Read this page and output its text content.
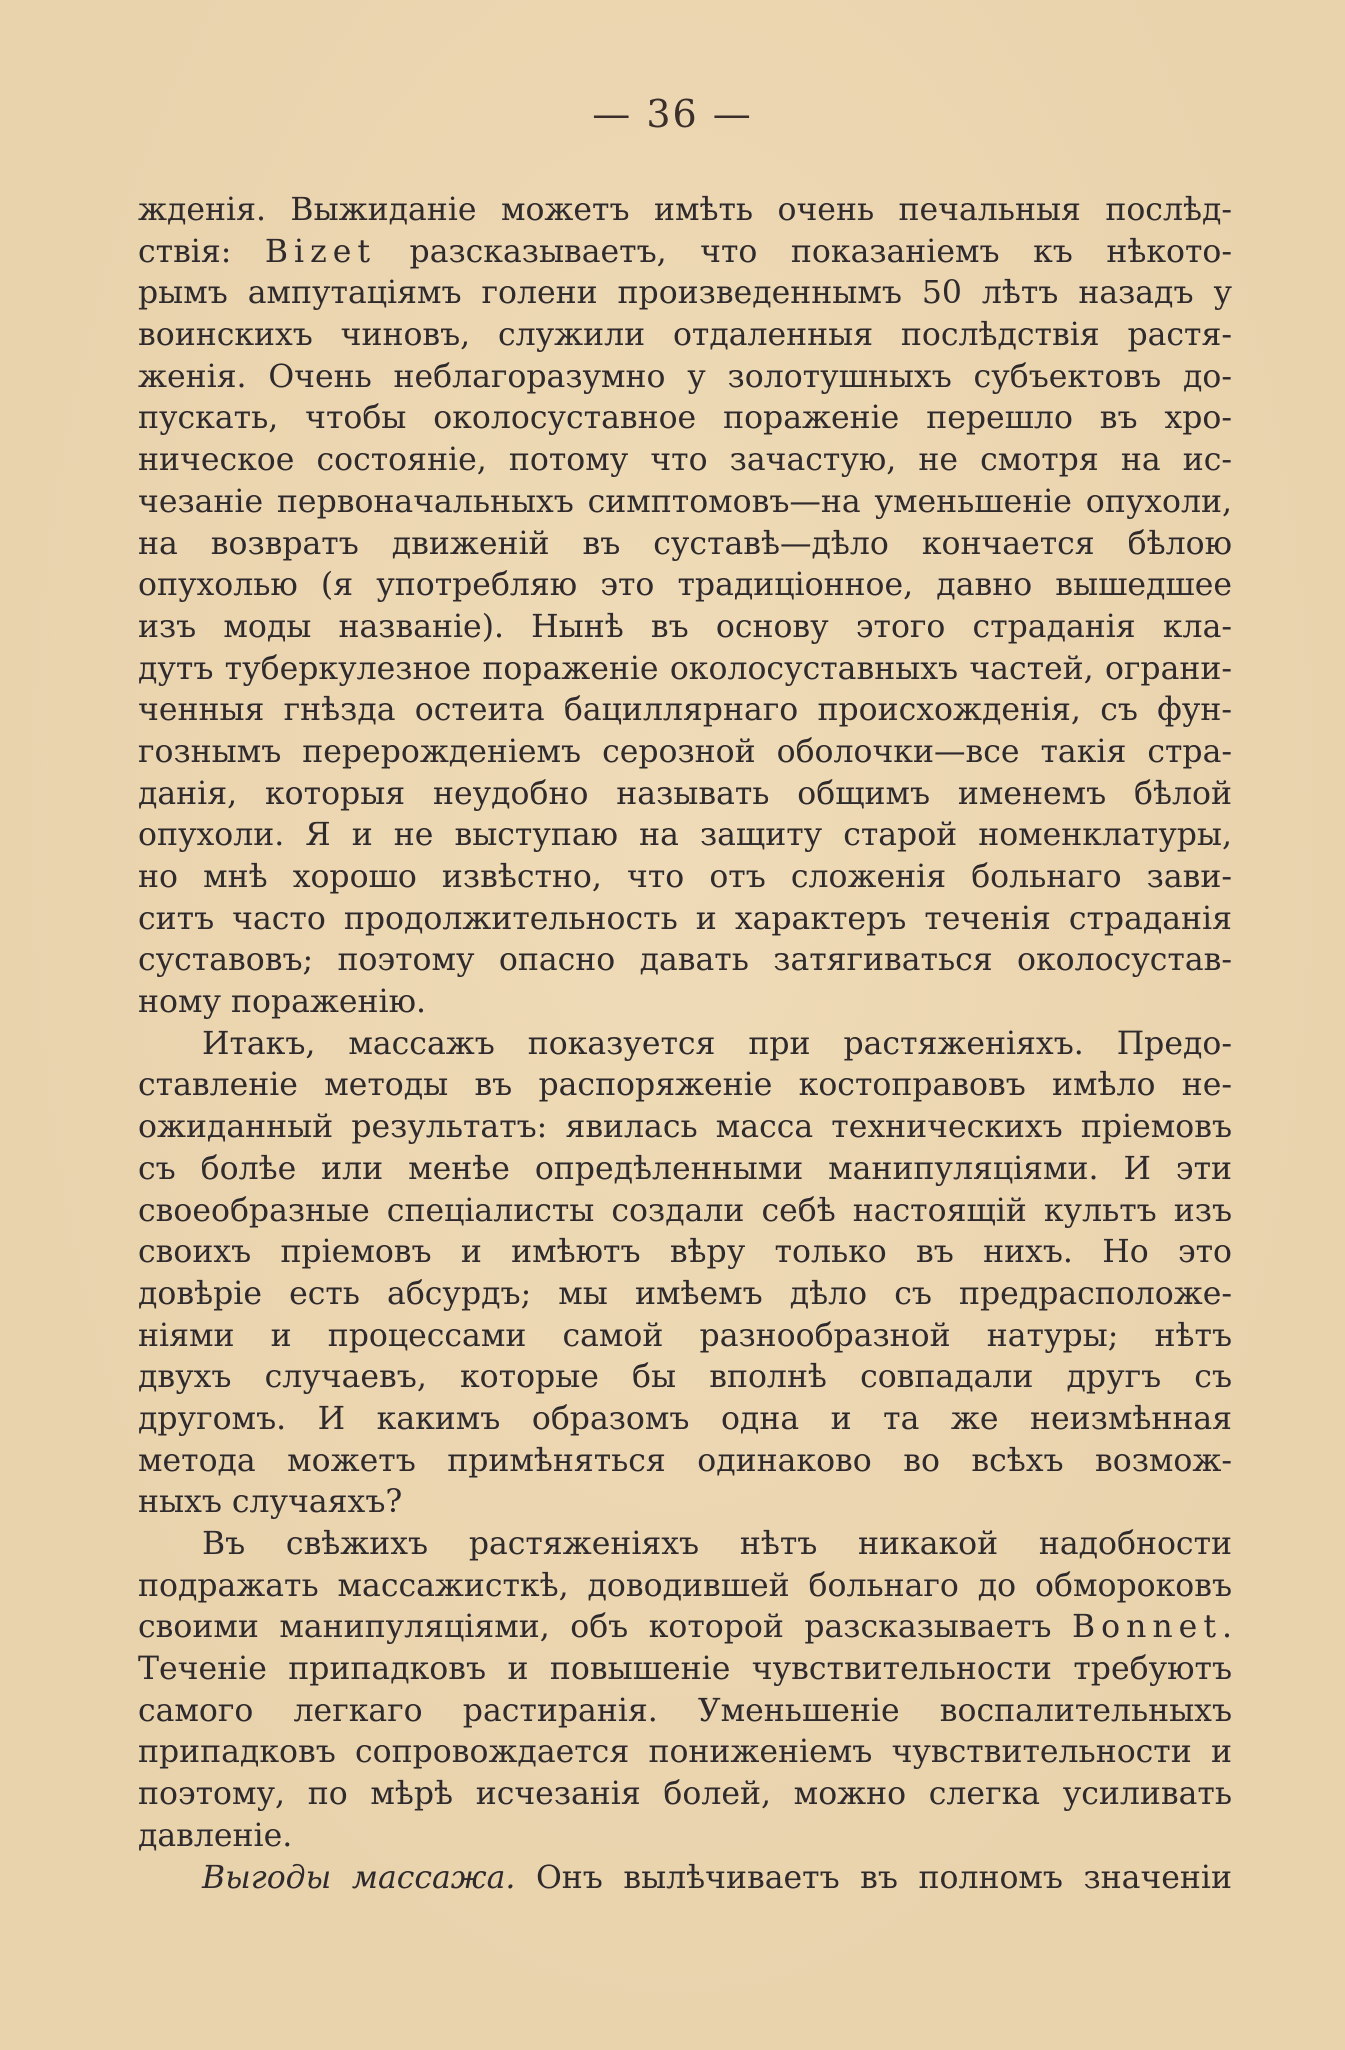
— 36 —
жденія. Выжиданіе можетъ имѣть очень печальныя послѣд-
ствія: Bizet разсказываетъ, что показаніемъ къ нѣкото-
рымъ ампутаціямъ голени произведеннымъ 50 лѣтъ назадъ у
воинскихъ чиновъ, служили отдаленныя послѣдствія растя-
женія. Очень неблагоразумно у золотушныхъ субъектовъ до-
пускать, чтобы околосуставное пораженіе перешло въ хро-
ническое состояніе, потому что зачастую, не смотря на ис-
чезаніе первоначальныхъ симптомовъ—на уменьшеніе опухоли,
на возвратъ движеній въ суставѣ—дѣло кончается бѣлою
опухолью (я употребляю это традиціонное, давно вышедшее
изъ моды названіе). Нынѣ въ основу этого страданія кла-
дутъ туберкулезное пораженіе околосуставныхъ частей, ограни-
ченныя гнѣзда остеита бациллярнаго происхожденія, съ фун-
гознымъ перерожденіемъ серозной оболочки—все такія стра-
данія, которыя неудобно называть общимъ именемъ бѣлой
опухоли. Я и не выступаю на защиту старой номенклатуры,
но мнѣ хорошо извѣстно, что отъ сложенія больнаго зави-
ситъ часто продолжительность и характеръ теченія страданія
суставовъ; поэтому опасно давать затягиваться околосустав-
ному пораженію.
Итакъ, массажъ показуется при растяженіяхъ. Предо-
ставленіе методы въ распоряженіе костоправовъ имѣло не-
ожиданный результатъ: явилась масса техническихъ пріемовъ
съ болѣе или менѣе опредѣленными манипуляціями. И эти
своеобразные спеціалисты создали себѣ настоящій культъ изъ
своихъ пріемовъ и имѣютъ вѣру только въ нихъ. Но это
довѣріе есть абсурдъ; мы имѣемъ дѣло съ предрасположе-
ніями и процессами самой разнообразной натуры; нѣтъ
двухъ случаевъ, которые бы вполнѣ совпадали другъ съ
другомъ. И какимъ образомъ одна и та же неизмѣнная
метода можетъ примѣняться одинаково во всѣхъ возмож-
ныхъ случаяхъ?
Въ свѣжихъ растяженіяхъ нѣтъ никакой надобности
подражать массажисткѣ, доводившей больнаго до обмороковъ
своими манипуляціями, объ которой разсказываетъ Bonnet.
Теченіе припадковъ и повышеніе чувствительности требуютъ
самого легкаго растиранія. Уменьшеніе воспалительныхъ
припадковъ сопровождается пониженіемъ чувствительности и
поэтому, по мѣрѣ исчезанія болей, можно слегка усиливать
давленіе.
Выгоды массажа. Онъ вылѣчиваетъ въ полномъ значеніи
